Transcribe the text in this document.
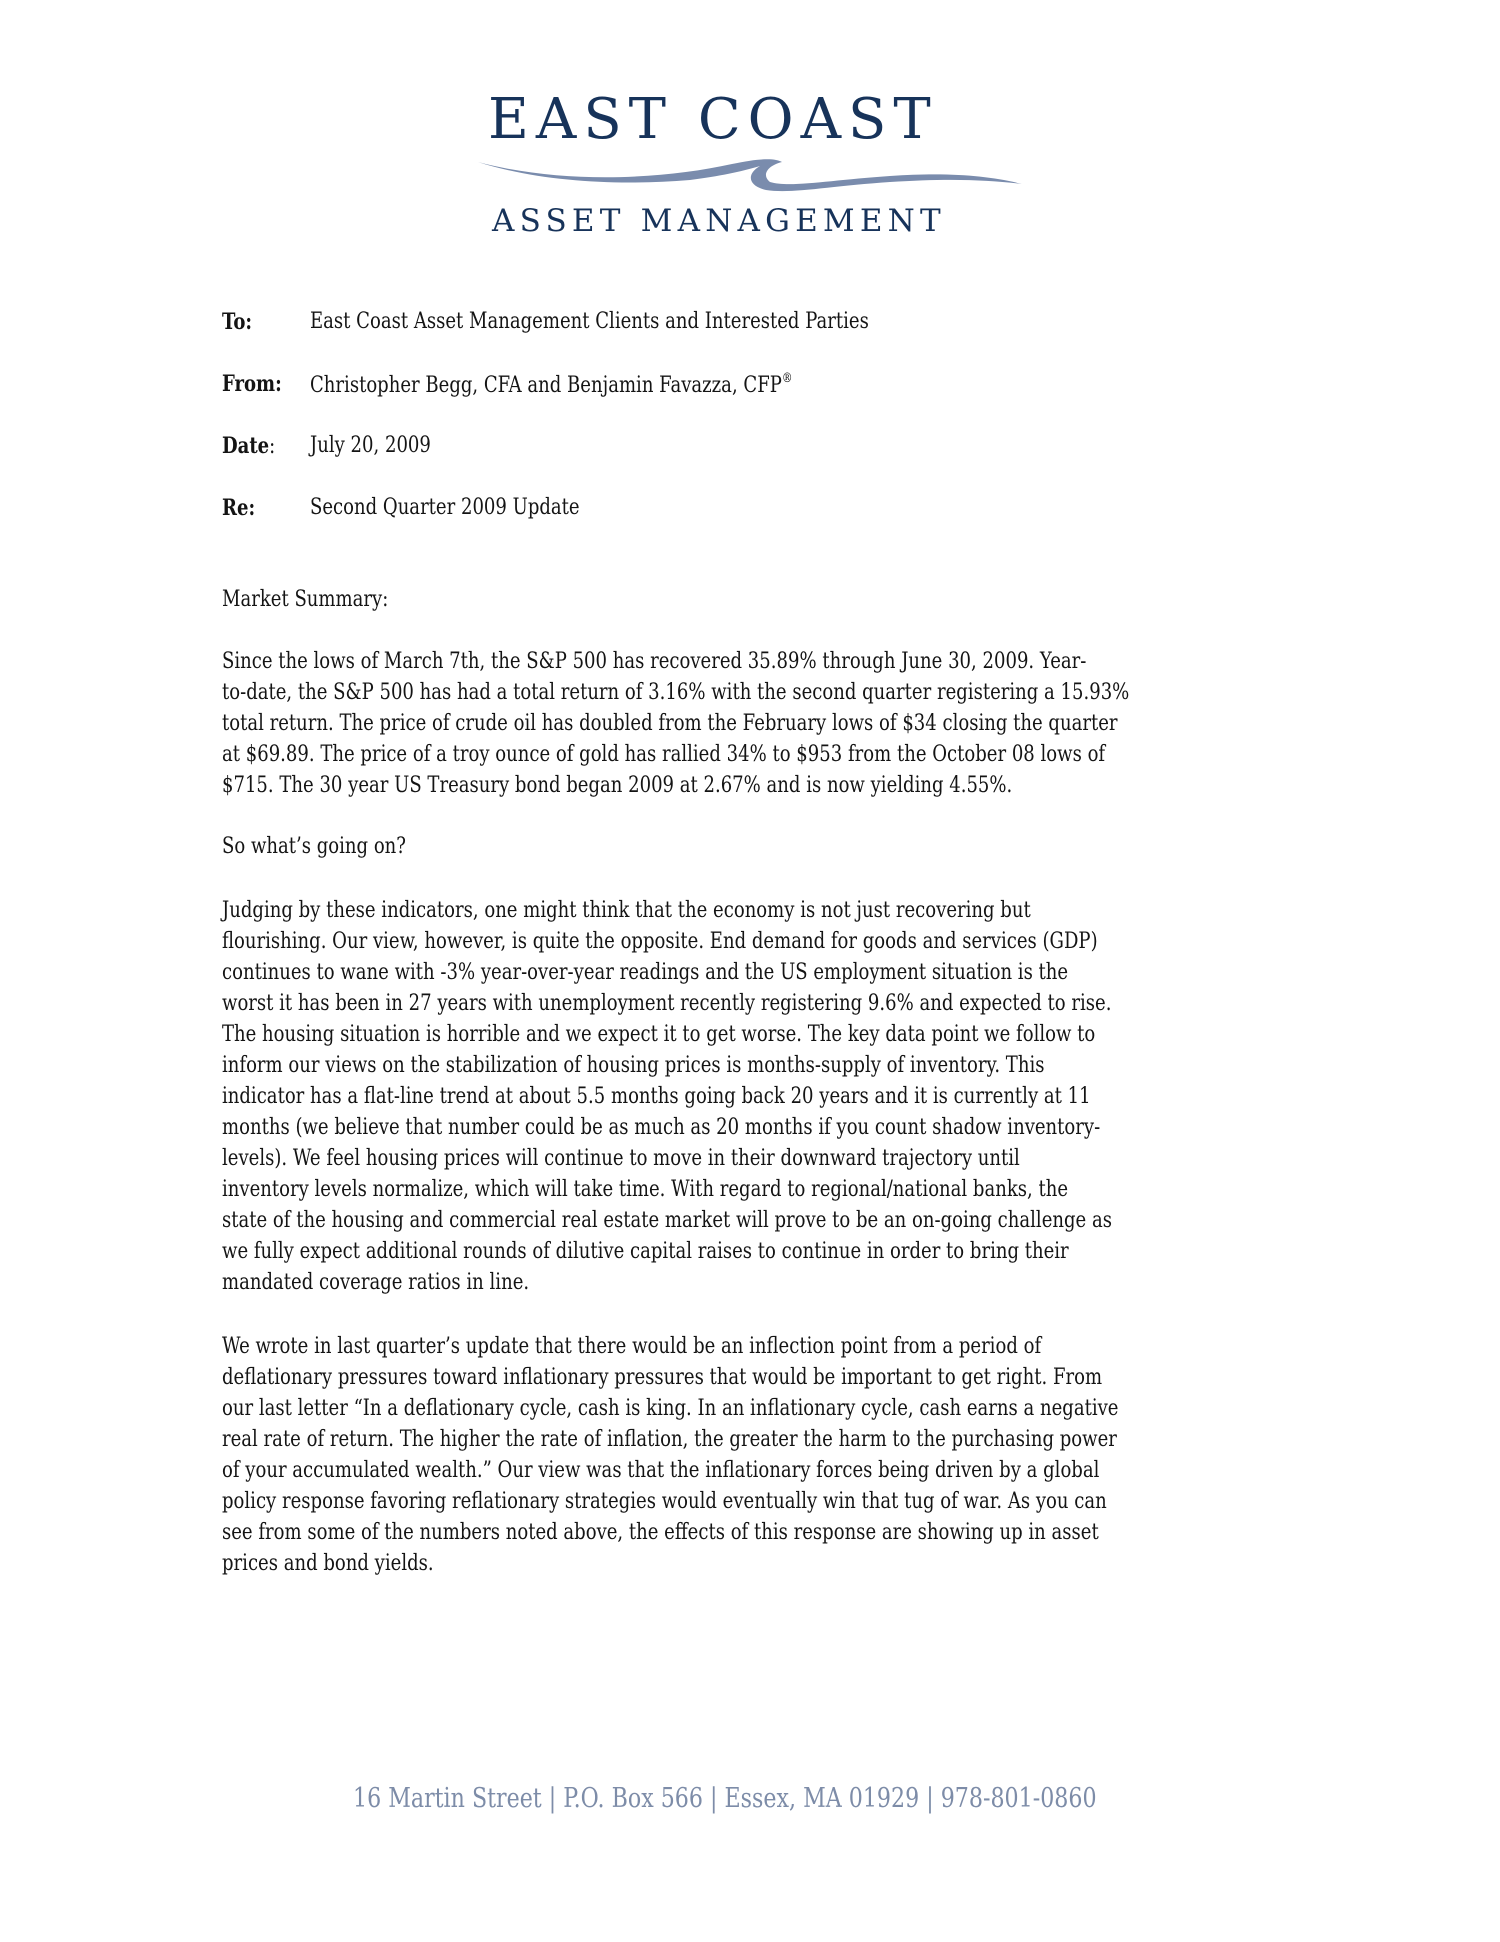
EAST COAST
ASSET MANAGEMENT
To:	East Coast Asset Management Clients and Interested Parties
From:	Christopher Begg, CFA and Benjamin Favazza, CFP®
Date:	July 20, 2009
Re:	Second Quarter 2009 Update
Market Summary:
Since the lows of March 7th, the S&P 500 has recovered 35.89% through June 30, 2009. Year-
to-date, the S&P 500 has had a total return of 3.16% with the second quarter registering a 15.93%
total return. The price of crude oil has doubled from the February lows of $34 closing the quarter
at $69.89. The price of a troy ounce of gold has rallied 34% to $953 from the October 08 lows of
$715. The 30 year US Treasury bond began 2009 at 2.67% and is now yielding 4.55%.
So what’s going on?
Judging by these indicators, one might think that the economy is not just recovering but
flourishing. Our view, however, is quite the opposite. End demand for goods and services (GDP)
continues to wane with -3% year-over-year readings and the US employment situation is the
worst it has been in 27 years with unemployment recently registering 9.6% and expected to rise.
The housing situation is horrible and we expect it to get worse. The key data point we follow to
inform our views on the stabilization of housing prices is months-supply of inventory. This
indicator has a flat-line trend at about 5.5 months going back 20 years and it is currently at 11
months (we believe that number could be as much as 20 months if you count shadow inventory-
levels). We feel housing prices will continue to move in their downward trajectory until
inventory levels normalize, which will take time. With regard to regional/national banks, the
state of the housing and commercial real estate market will prove to be an on-going challenge as
we fully expect additional rounds of dilutive capital raises to continue in order to bring their
mandated coverage ratios in line.
We wrote in last quarter’s update that there would be an inflection point from a period of
deflationary pressures toward inflationary pressures that would be important to get right. From
our last letter “In a deflationary cycle, cash is king. In an inflationary cycle, cash earns a negative
real rate of return. The higher the rate of inflation, the greater the harm to the purchasing power
of your accumulated wealth.” Our view was that the inflationary forces being driven by a global
policy response favoring reflationary strategies would eventually win that tug of war. As you can
see from some of the numbers noted above, the effects of this response are showing up in asset
prices and bond yields.
16 Martin Street | P.O. Box 566 | Essex, MA 01929 | 978-801-0860
